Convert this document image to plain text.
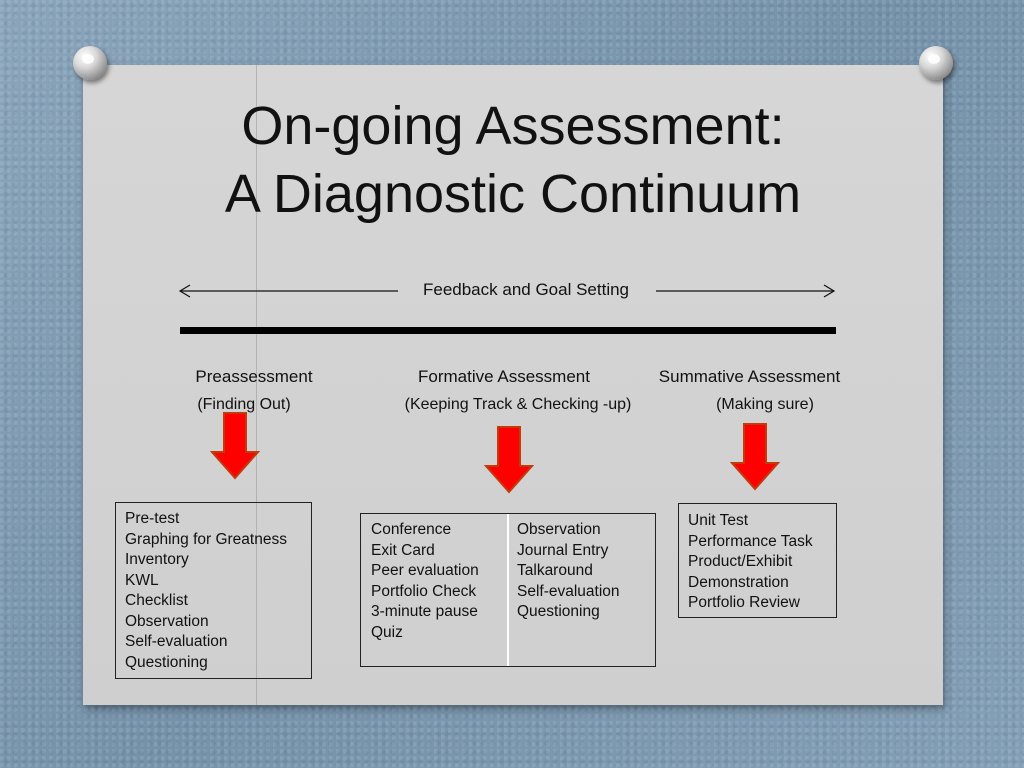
On-going Assessment:
A Diagnostic Continuum
Feedback and Goal Setting
Preassessment
(Finding Out)
Formative Assessment
(Keeping Track & Checking -up)
Summative Assessment
(Making sure)
Pre-test
Graphing for Greatness
Inventory
KWL
Checklist
Observation
Self-evaluation
Questioning
Conference
Exit Card
Peer evaluation
Portfolio Check
3-minute pause
Quiz
Observation
Journal Entry
Talkaround
Self-evaluation
Questioning
Unit Test
Performance Task
Product/Exhibit
Demonstration
Portfolio Review
